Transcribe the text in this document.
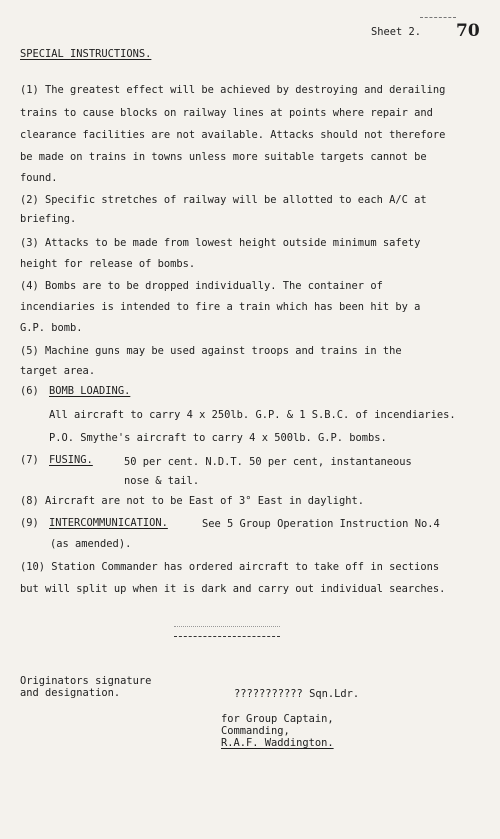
Sheet 2. 70
SPECIAL INSTRUCTIONS.
(1) The greatest effect will be achieved by destroying and derailing
trains to cause blocks on railway lines at points where repair and
clearance facilities are not available. Attacks should not therefore
be made on trains in towns unless more suitable targets cannot be
found.
(2) Specific stretches of railway will be allotted to each A/C at
briefing.
(3) Attacks to be made from lowest height outside minimum safety
height for release of bombs.
(4) Bombs are to be dropped individually. The container of
incendiaries is intended to fire a train which has been hit by a
G.P. bomb.
(5) Machine guns may be used against troops and trains in the
target area.
(6) BOMB LOADING.
All aircraft to carry 4 x 250lb. G.P. & 1 S.B.C. of incendiaries.
P.O. Smythe's aircraft to carry 4 x 500lb. G.P. bombs.
(7) FUSING.	50 per cent. N.D.T. 50 per cent, instantaneous
nose & tail.
(8) Aircraft are not to be East of 3° East in daylight.
(9) INTERCOMMUNICATION.	See 5 Group Operation Instruction No.4
(as amended).
(10) Station Commander has ordered aircraft to take off in sections
but will split up when it is dark and carry out individual searches.
Originators signature
and designation.	??????????? Sqn.Ldr.
for Group Captain,
Commanding,
R.A.F. Waddington.
